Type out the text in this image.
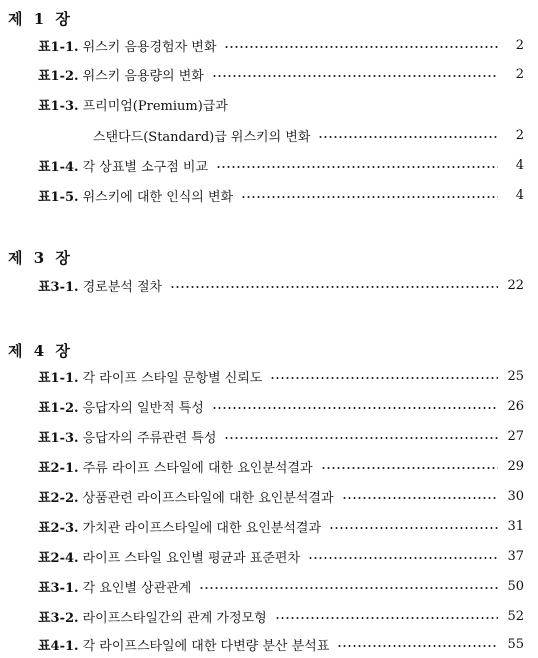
제 1 장
표1-1. 위스키 음용경험자 변화	2
표1-2. 위스키 음용량의 변화	2
표1-3. 프리미엄(Premium)급과
스탠다드(Standard)급 위스키의 변화	2
표1-4. 각 상표별 소구점 비교	4
표1-5. 위스키에 대한 인식의 변화	4
제 3 장
표3-1. 경로분석 절차	22
제 4 장
표1-1. 각 라이프 스타일 문항별 신뢰도	25
표1-2. 응답자의 일반적 특성	26
표1-3. 응답자의 주류관련 특성	27
표2-1. 주류 라이프 스타일에 대한 요인분석결과	29
표2-2. 상품관련 라이프스타일에 대한 요인분석결과	30
표2-3. 가치관 라이프스타일에 대한 요인분석결과	31
표2-4. 라이프 스타일 요인별 평균과 표준편차	37
표3-1. 각 요인별 상관관계	50
표3-2. 라이프스타일간의 관계 가정모형	52
표4-1. 각 라이프스타일에 대한 다변량 분산 분석표	55
